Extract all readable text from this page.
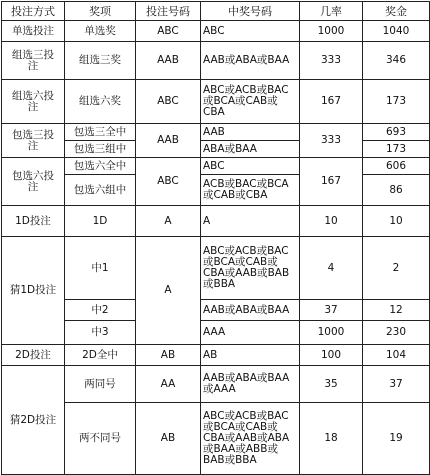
投注方式	奖项	投注号码	中奖号码	几率	奖金
单选投注	单选奖	ABC	ABC	1000	1040
组选三投
注	组选三奖	AAB	AAB或ABA或BAA	333	346
组选六投
注	组选六奖	ABC	ABC或ACB或BAC
或BCA或CAB或
CBA	167	173
包选三投
注	包选三全中	AAB	AAB	333	693
	包选三组中		ABA或BAA		173
包选六投
注	包选六全中	ABC	ABC	167	606
	包选六组中		ACB或BAC或BCA
或CAB或CBA		86
1D投注	1D	A	A	10	10
猜1D投注	中1	A	ABC或ACB或BAC
或BCA或CAB或
CBA或AAB或BAB
或BBA	4	2
	中2		AAB或ABA或BAA	37	12
	中3		AAA	1000	230
2D投注	2D全中	AB	AB	100	104
猜2D投注	两同号	AA	AAB或ABA或BAA
或AAA	35	37
	两不同号	AB	ABC或ACB或BAC
或BCA或CAB或
CBA或AAB或ABA
或BAA或ABB或
BAB或BBA	18	19
